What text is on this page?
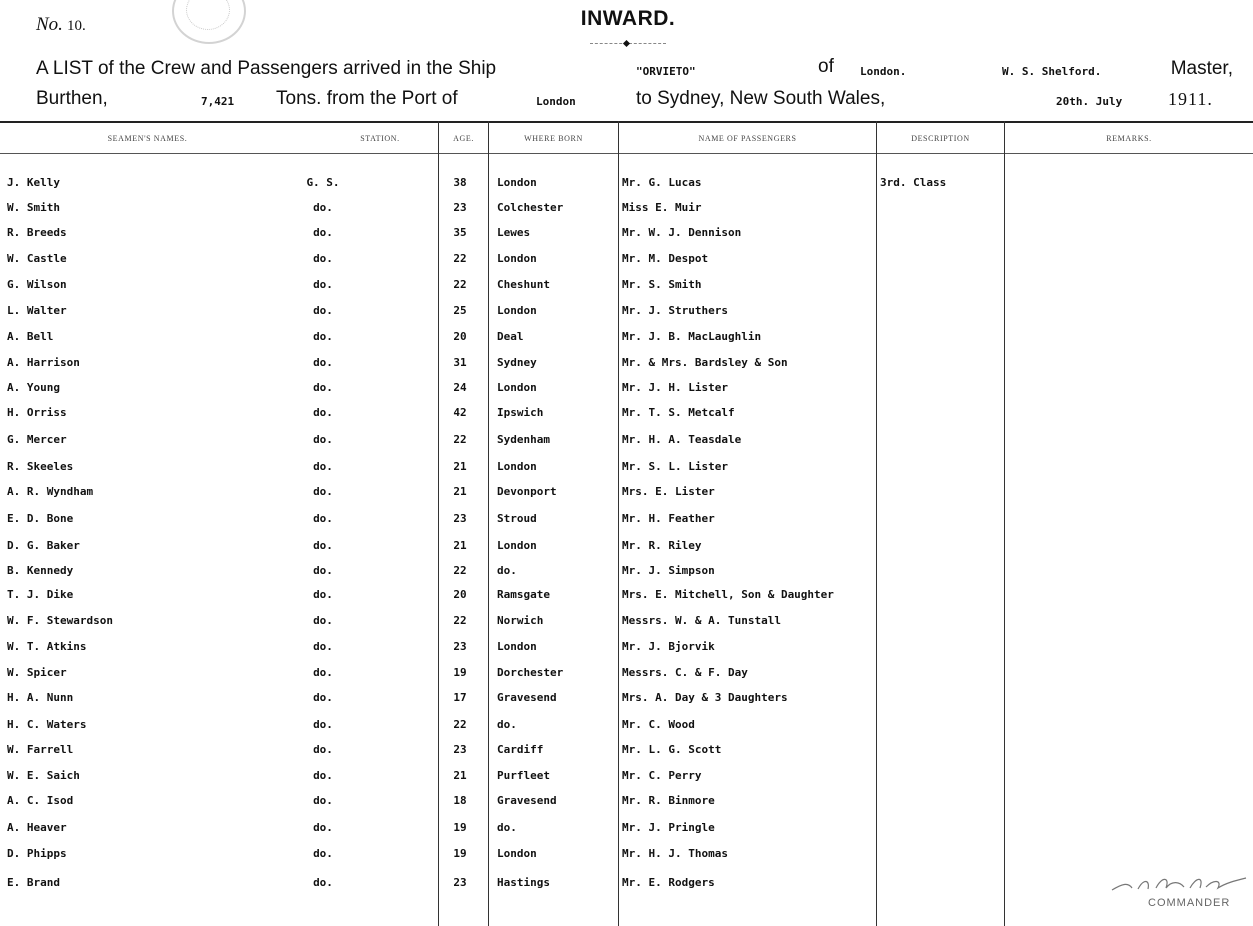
No. 10.	INWARD.
A LIST of the Crew and Passengers arrived in the Ship	"ORVIETO"	of London.	W. S. Shelford.	Master,
Burthen,	7,421 Tons. from the Port of	London	to Sydney, New South Wales,	20th. July	1911.
SEAMEN'S NAMES.	STATION.	AGE.	WHERE BORN	NAME OF PASSENGERS	DESCRIPTION	REMARKS.
J. Kelly	G. S.	38	London	Mr. G. Lucas	3rd. Class
W. Smith	do.	23	Colchester	Miss E. Muir
R. Breeds	do.	35	Lewes	Mr. W. J. Dennison
W. Castle	do.	22	London	Mr. M. Despot
G. Wilson	do.	22	Cheshunt	Mr. S. Smith
L. Walter	do.	25	London	Mr. J. Struthers
A. Bell	do.	20	Deal	Mr. J. B. MacLaughlin
A. Harrison	do.	31	Sydney	Mr. & Mrs. Bardsley & Son
A. Young	do.	24	London	Mr. J. H. Lister
H. Orriss	do.	42	Ipswich	Mr. T. S. Metcalf
G. Mercer	do.	22	Sydenham	Mr. H. A. Teasdale
R. Skeeles	do.	21	London	Mr. S. L. Lister
A. R. Wyndham	do.	21	Devonport	Mrs. E. Lister
E. D. Bone	do.	23	Stroud	Mr. H. Feather
D. G. Baker	do.	21	London	Mr. R. Riley
B. Kennedy	do.	22	do.	Mr. J. Simpson
T. J. Dike	do.	20	Ramsgate	Mrs. E. Mitchell, Son & Daughter
W. F. Stewardson	do.	22	Norwich	Messrs. W. & A. Tunstall
W. T. Atkins	do.	23	London	Mr. J. Bjorvik
W. Spicer	do.	19	Dorchester	Messrs. C. & F. Day
H. A. Nunn	do.	17	Gravesend	Mrs. A. Day & 3 Daughters
H. C. Waters	do.	22	do.	Mr. C. Wood
W. Farrell	do.	23	Cardiff	Mr. L. G. Scott
W. E. Saich	do.	21	Purfleet	Mr. C. Perry
A. C. Isod	do.	18	Gravesend	Mr. R. Binmore
A. Heaver	do.	19	do.	Mr. J. Pringle
D. Phipps	do.	19	London	Mr. H. J. Thomas
E. Brand	do.	23	Hastings	Mr. E. Rodgers
COMMANDER
